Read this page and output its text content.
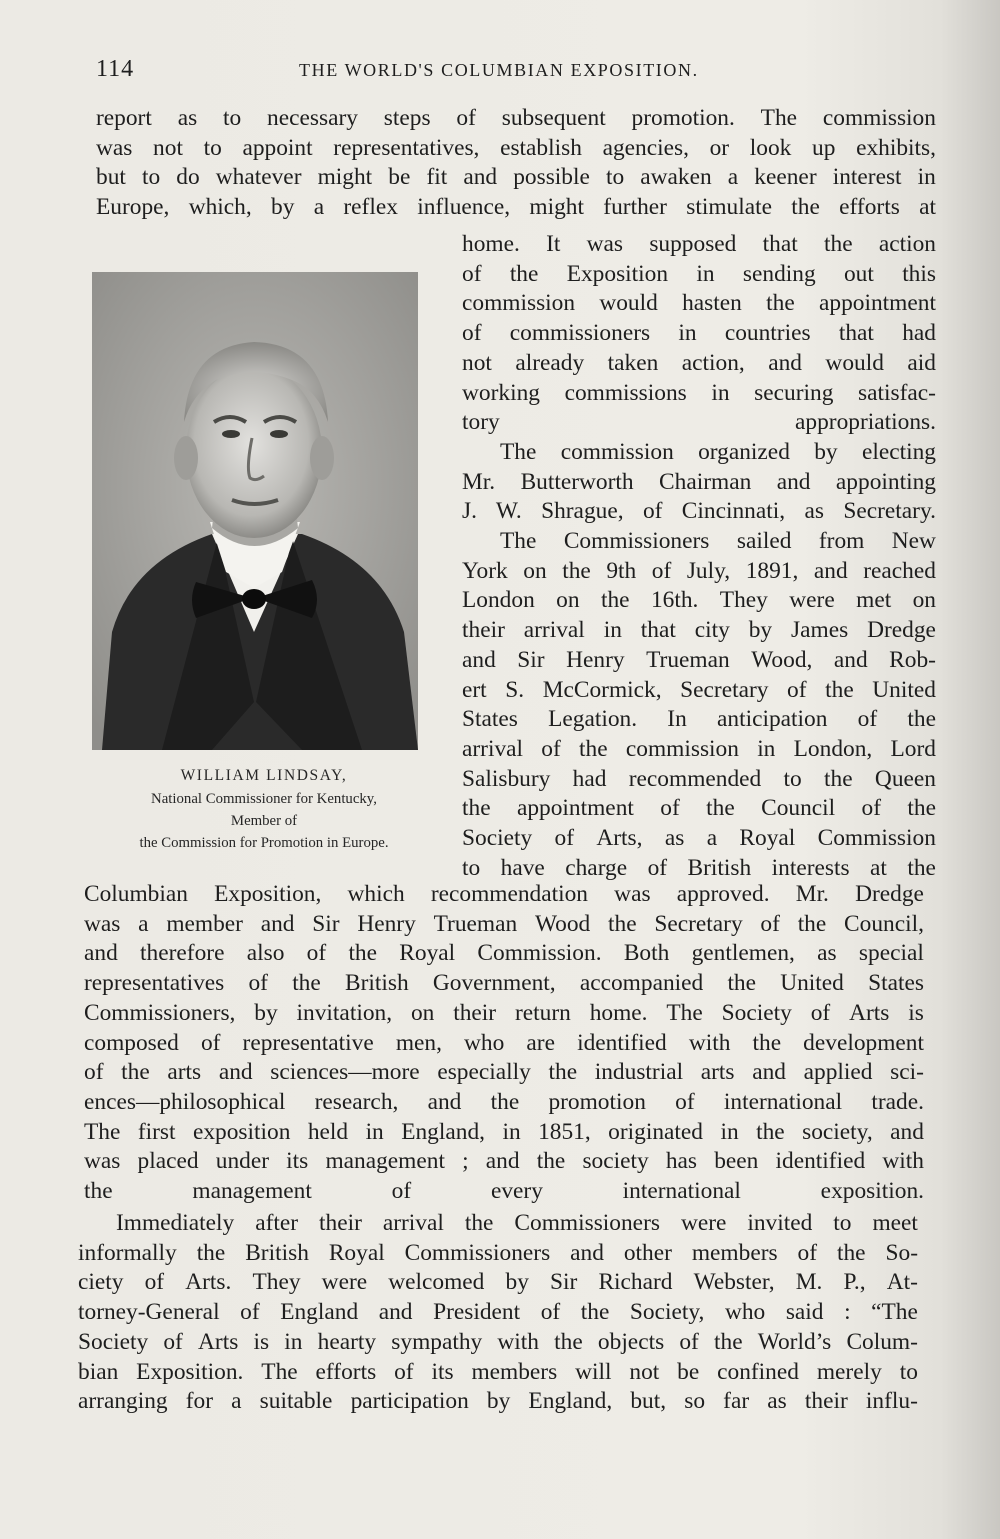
114	THE WORLD'S COLUMBIAN EXPOSITION.
report as to necessary steps of subsequent promotion. The commission
was not to appoint representatives, establish agencies, or look up exhibits,
but to do whatever might be fit and possible to awaken a keener interest in
Europe, which, by a reflex influence, might further stimulate the efforts at
WILLIAM LINDSAY,
National Commissioner for Kentucky,
Member of
the Commission for Promotion in Europe.
home. It was supposed that the action
of the Exposition in sending out this
commission would hasten the appointment
of commissioners in countries that had
not already taken action, and would aid
working commissions in securing satisfac-
tory appropriations.
The commission organized by electing
Mr. Butterworth Chairman and appointing
J. W. Shrague, of Cincinnati, as Secretary.
The Commissioners sailed from New
York on the 9th of July, 1891, and reached
London on the 16th. They were met on
their arrival in that city by James Dredge
and Sir Henry Trueman Wood, and Rob-
ert S. McCormick, Secretary of the United
States Legation. In anticipation of the
arrival of the commission in London, Lord
Salisbury had recommended to the Queen
the appointment of the Council of the
Society of Arts, as a Royal Commission
to have charge of British interests at the
Columbian Exposition, which recommendation was approved. Mr. Dredge
was a member and Sir Henry Trueman Wood the Secretary of the Council,
and therefore also of the Royal Commission. Both gentlemen, as special
representatives of the British Government, accompanied the United States
Commissioners, by invitation, on their return home. The Society of Arts is
composed of representative men, who are identified with the development
of the arts and sciences—more especially the industrial arts and applied sci-
ences—philosophical research, and the promotion of international trade.
The first exposition held in England, in 1851, originated in the society, and
was placed under its management ; and the society has been identified with
the management of every international exposition.
Immediately after their arrival the Commissioners were invited to meet
informally the British Royal Commissioners and other members of the So-
ciety of Arts. They were welcomed by Sir Richard Webster, M. P., At-
torney-General of England and President of the Society, who said : “The
Society of Arts is in hearty sympathy with the objects of the World’s Colum-
bian Exposition. The efforts of its members will not be confined merely to
arranging for a suitable participation by England, but, so far as their influ-
